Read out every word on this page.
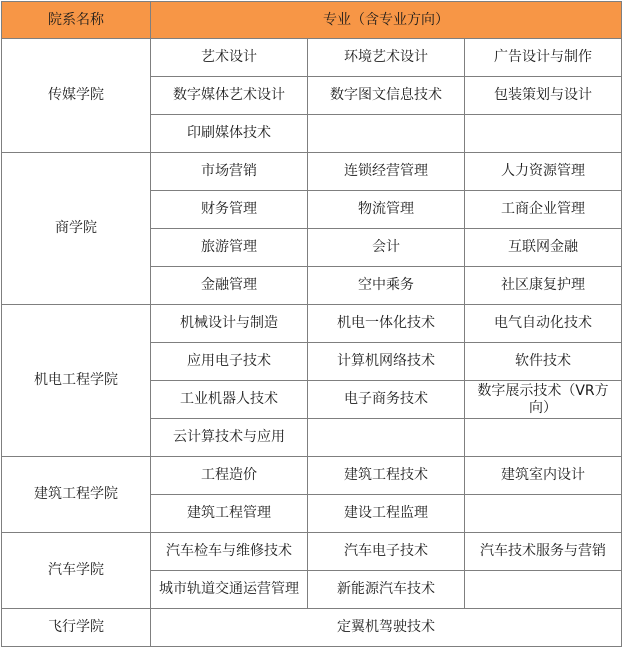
院系名称	专业（含专业方向）		
传媒学院	艺术设计	环境艺术设计	广告设计与制作
	数字媒体艺术设计	数字图文信息技术	包装策划与设计
	印刷媒体技术		
商学院	市场营销	连锁经营管理	人力资源管理
	财务管理	物流管理	工商企业管理
	旅游管理	会计	互联网金融
	金融管理	空中乘务	社区康复护理
机电工程学院	机械设计与制造	机电一体化技术	电气自动化技术
	应用电子技术	计算机网络技术	软件技术
	工业机器人技术	电子商务技术	数字展示技术（VR方向）
	云计算技术与应用		
建筑工程学院	工程造价	建筑工程技术	建筑室内设计
	建筑工程管理	建设工程监理	
汽车学院	汽车检车与维修技术	汽车电子技术	汽车技术服务与营销
	城市轨道交通运营管理	新能源汽车技术	
飞行学院	定翼机驾驶技术		
